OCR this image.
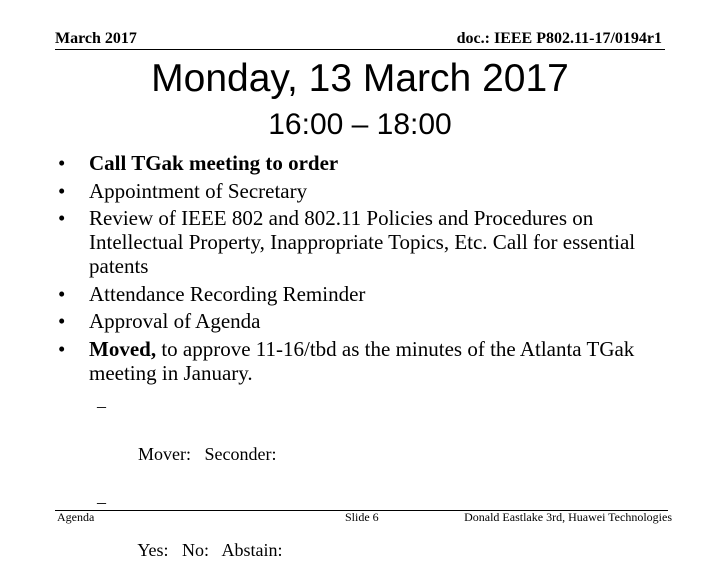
March 2017	doc.: IEEE P802.11-17/0194r1
Monday, 13 March 2017
16:00 – 18:00
• Call TGak meeting to order
• Appointment of Secretary
• Review of IEEE 802 and 802.11 Policies and Procedures on Intellectual Property, Inappropriate Topics, Etc. Call for essential patents
• Attendance Recording Reminder
• Approval of Agenda
• Moved, to approve 11-16/tbd as the minutes of the Atlanta TGak meeting in January.

–

Mover:   Seconder:

–

Yes:   No:   Abstain:

Agenda	Slide 6	Donald Eastlake 3rd, Huawei Technologies
